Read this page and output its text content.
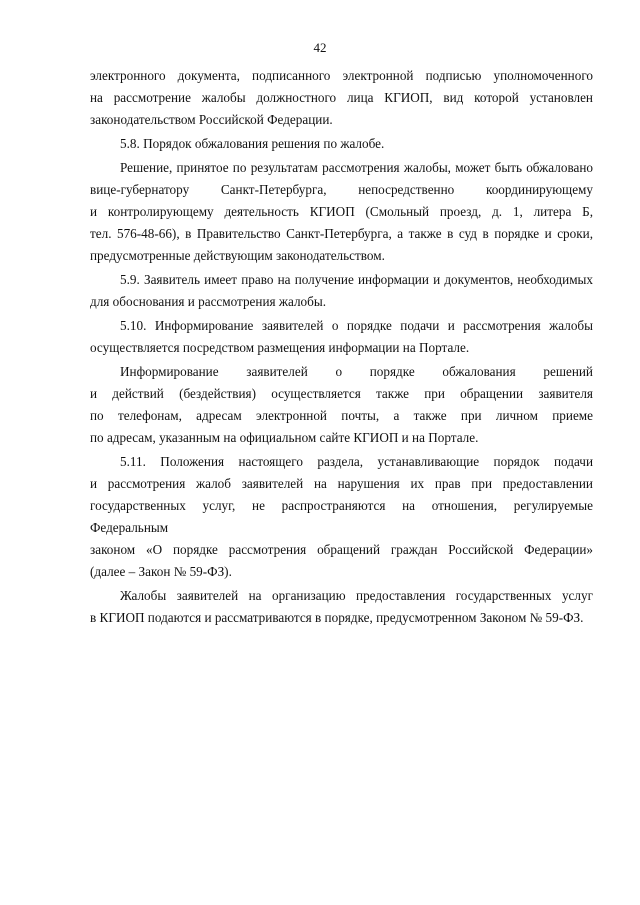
42
электронного документа, подписанного электронной подписью уполномоченного
на рассмотрение жалобы должностного лица КГИОП, вид которой установлен
законодательством Российской Федерации.
5.8. Порядок обжалования решения по жалобе.
Решение, принятое по результатам рассмотрения жалобы, может быть обжаловано
вице-губернатору Санкт-Петербурга, непосредственно координирующему
и контролирующему деятельность КГИОП (Смольный проезд, д. 1, литера Б,
тел. 576-48-66), в Правительство Санкт-Петербурга, а также в суд в порядке и сроки,
предусмотренные действующим законодательством.
5.9. Заявитель имеет право на получение информации и документов, необходимых
для обоснования и рассмотрения жалобы.
5.10. Информирование заявителей о порядке подачи и рассмотрения жалобы
осуществляется посредством размещения информации на Портале.
Информирование заявителей о порядке обжалования решений
и действий (бездействия) осуществляется также при обращении заявителя
по телефонам, адресам электронной почты, а также при личном приеме
по адресам, указанным на официальном сайте КГИОП и на Портале.
5.11. Положения настоящего раздела, устанавливающие порядок подачи
и рассмотрения жалоб заявителей на нарушения их прав при предоставлении
государственных услуг, не распространяются на отношения, регулируемые Федеральным
законом «О порядке рассмотрения обращений граждан Российской Федерации»
(далее – Закон № 59-ФЗ).
Жалобы заявителей на организацию предоставления государственных услуг
в КГИОП подаются и рассматриваются в порядке, предусмотренном Законом № 59-ФЗ.
